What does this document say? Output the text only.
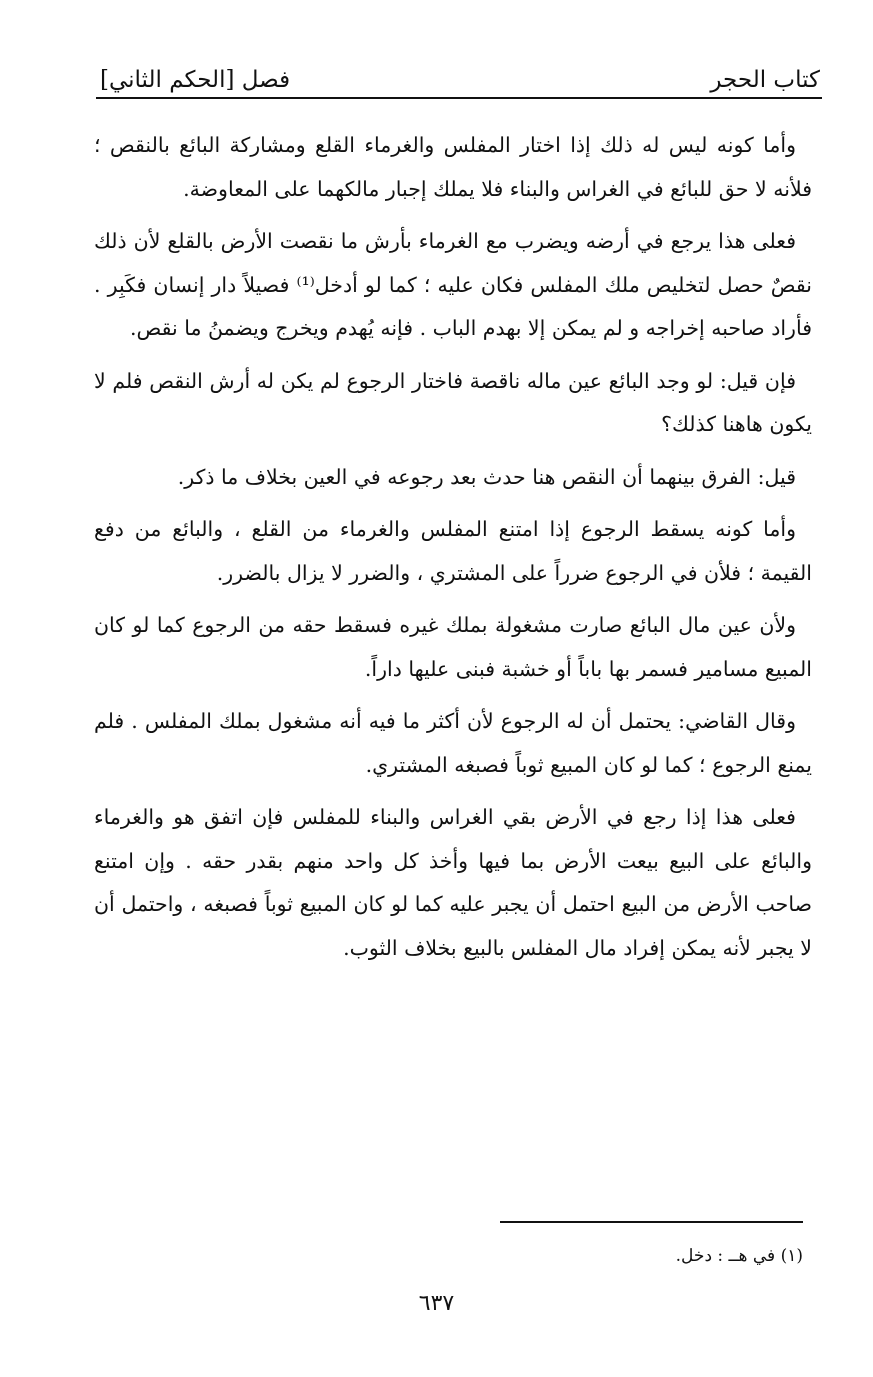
كتاب الحجر
فصل [الحكم الثاني]

وأما كونه ليس له ذلك إذا اختار المفلس والغرماء القلع ومشاركة البائع بالنقص ؛ فلأنه لا حق للبائع في الغراس والبناء فلا يملك إجبار مالكهما على المعاوضة.

فعلى هذا يرجع في أرضه ويضرب مع الغرماء بأرش ما نقصت الأرض بالقلع لأن ذلك نقصٌ حصل لتخليص ملك المفلس فكان عليه ؛ كما لو أدخل⁽¹⁾ فصيلاً دار إنسان فكَبِر . فأراد صاحبه إخراجه و لم يمكن إلا بهدم الباب . فإنه يُهدم ويخرج ويضمنُ ما نقص.

فإن قيل: لو وجد البائع عين ماله ناقصة فاختار الرجوع لم يكن له أرش النقص فلم لا يكون هاهنا كذلك؟

قيل: الفرق بينهما أن النقص هنا حدث بعد رجوعه في العين بخلاف ما ذكر.

وأما كونه يسقط الرجوع إذا امتنع المفلس والغرماء من القلع ، والبائع من دفع القيمة ؛ فلأن في الرجوع ضرراً على المشتري ، والضرر لا يزال بالضرر.

ولأن عين مال البائع صارت مشغولة بملك غيره فسقط حقه من الرجوع كما لو كان المبيع مسامير فسمر بها باباً أو خشبة فبنى عليها داراً.

وقال القاضي: يحتمل أن له الرجوع لأن أكثر ما فيه أنه مشغول بملك المفلس . فلم يمنع الرجوع ؛ كما لو كان المبيع ثوباً فصبغه المشتري.

فعلى هذا إذا رجع في الأرض بقي الغراس والبناء للمفلس فإن اتفق هو والغرماء والبائع على البيع بيعت الأرض بما فيها وأخذ كل واحد منهم بقدر حقه . وإن امتنع صاحب الأرض من البيع احتمل أن يجبر عليه كما لو كان المبيع ثوباً فصبغه ، واحتمل أن لا يجبر لأنه يمكن إفراد مال المفلس بالبيع بخلاف الثوب.

(١) في هــ : دخل.
٦٣٧
